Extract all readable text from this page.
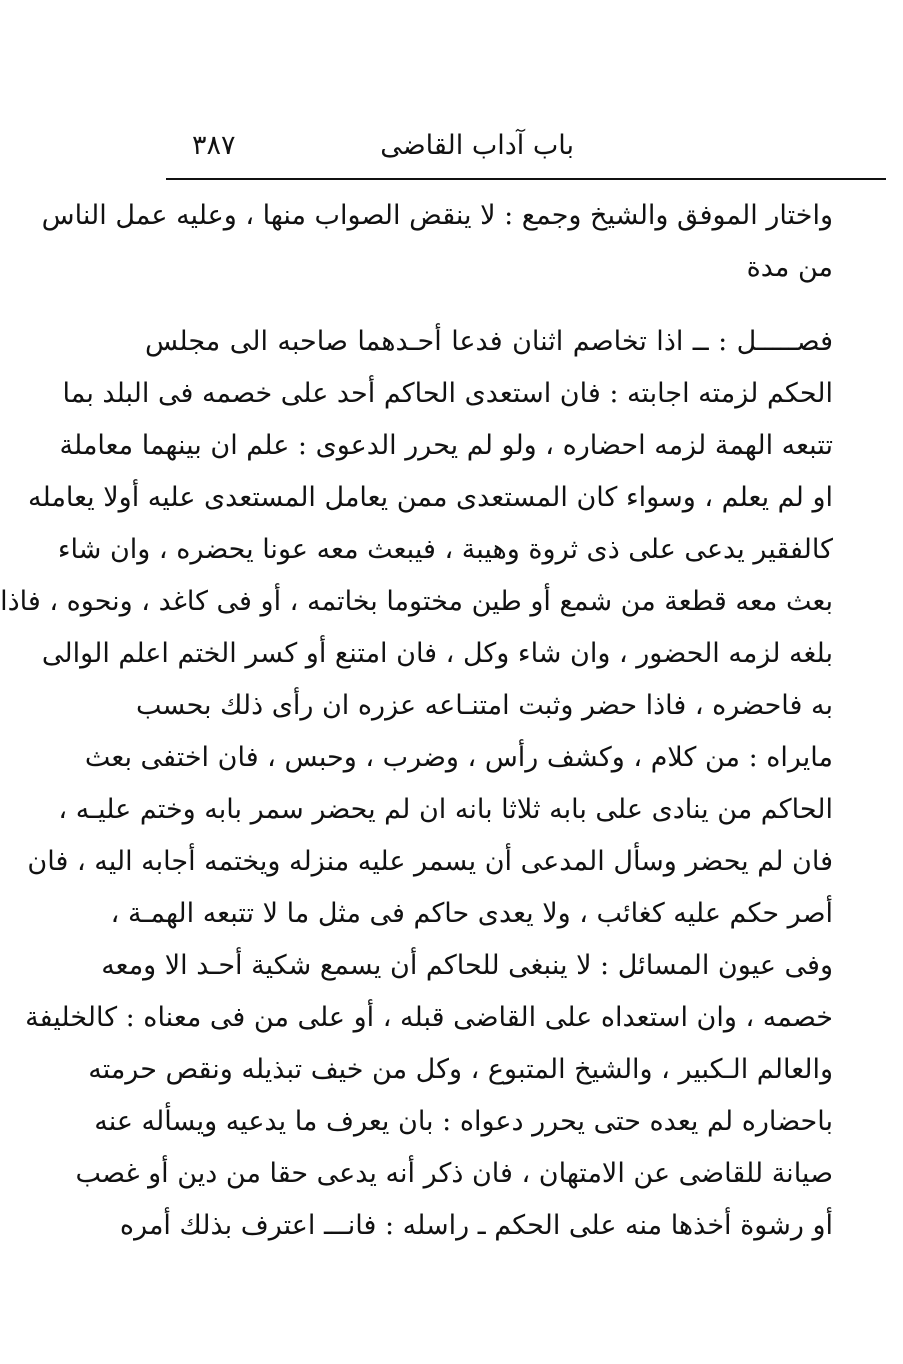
باب آداب القاضى
٣٨٧
واختار الموفق والشيخ وجمع : لا ينقض الصواب منها ، وعليه عمل الناس
من مدة
فصـــــل : ــ اذا تخاصم اثنان فدعا أحـدهما صاحبه الى مجلس
الحكم لزمته اجابته : فان استعدى الحاكم أحد على خصمه فى البلد بما
تتبعه الهمة لزمه احضاره ، ولو لم يحرر الدعوى : علم ان بينهما معاملة
او لم يعلم ، وسواء كان المستعدى ممن يعامل المستعدى عليه أولا يعامله
كالفقير يدعى على ذى ثروة وهيبة ، فيبعث معه عونا يحضره ، وان شاء
بعث معه قطعة من شمع أو طين مختوما بخاتمه ، أو فى كاغد ، ونحوه ، فاذا
بلغه لزمه الحضور ، وان شاء وكل ، فان امتنع أو كسر الختم اعلم الوالى
به فاحضره ، فاذا حضر وثبت امتنـاعه عزره ان رأى ذلك بحسب
مايراه : من كلام ، وكشف رأس ، وضرب ، وحبس ، فان اختفى بعث
الحاكم من ينادى على بابه ثلاثا بانه ان لم يحضر سمر بابه وختم عليـه ،
فان لم يحضر وسأل المدعى أن يسمر عليه منزله ويختمه أجابه اليه ، فان
أصر حكم عليه كغائب ، ولا يعدى حاكم فى مثل ما لا تتبعه الهمـة ،
وفى عيون المسائل : لا ينبغى للحاكم أن يسمع شكية أحـد الا ومعه
خصمه ، وان استعداه على القاضى قبله ، أو على من فى معناه : كالخليفة
والعالم الـكبير ، والشيخ المتبوع ، وكل من خيف تبذيله ونقص حرمته
باحضاره لم يعده حتى يحرر دعواه : بان يعرف ما يدعيه ويسأله عنه
صيانة للقاضى عن الامتهان ، فان ذكر أنه يدعى حقا من دين أو غصب
أو رشوة أخذها منه على الحكم ـ راسله : فانـــ اعترف بذلك أمره
